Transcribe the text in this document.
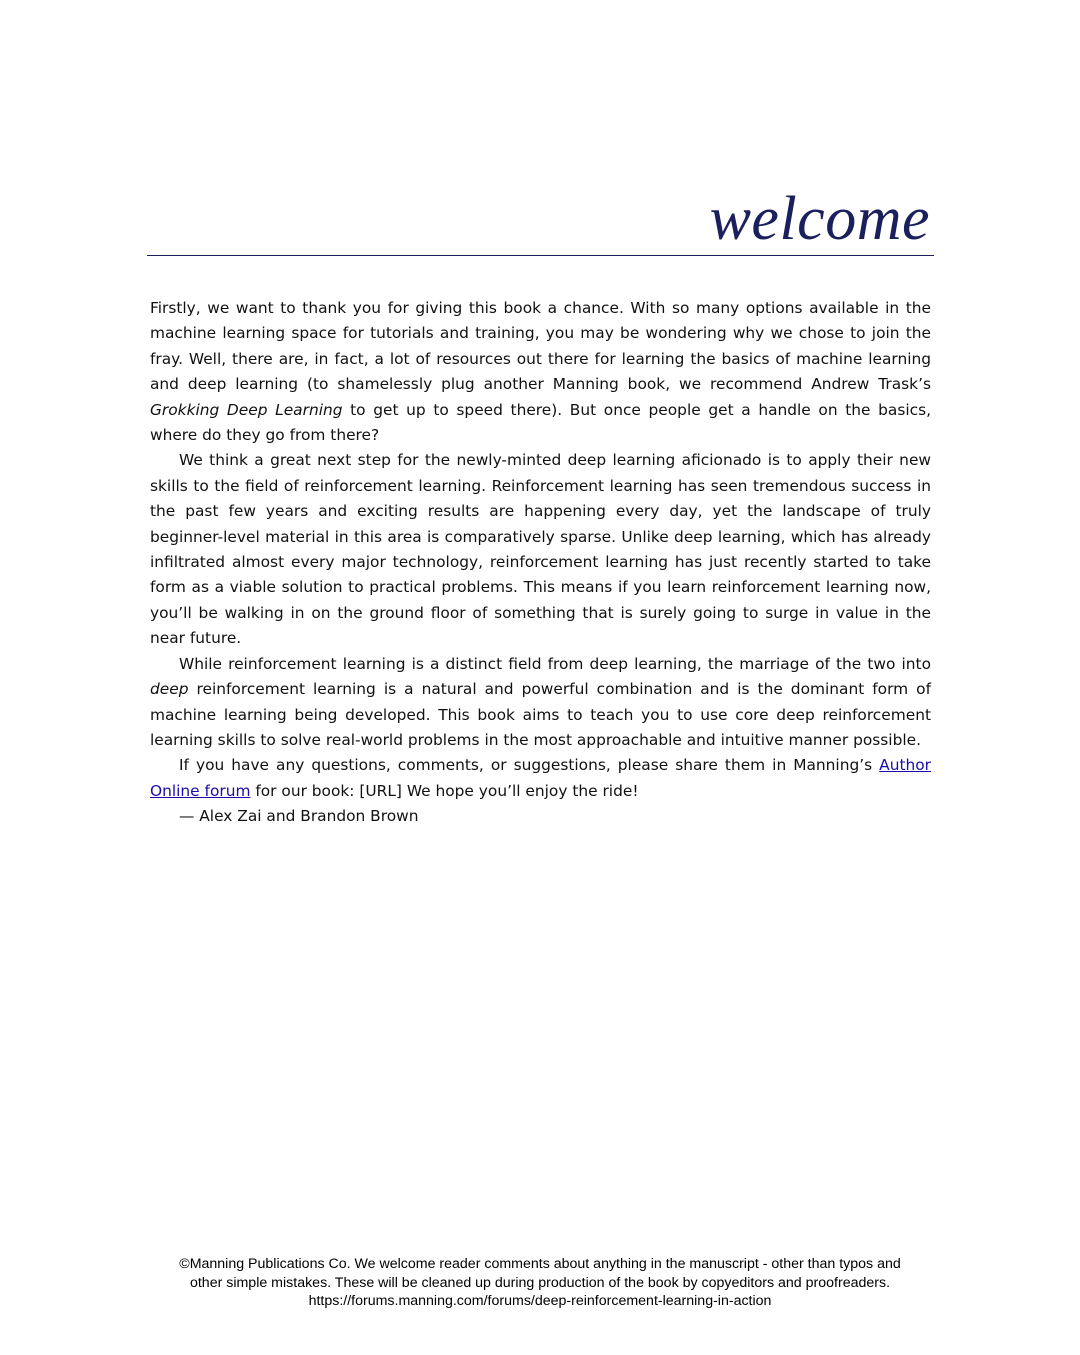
welcome

Firstly, we want to thank you for giving this book a chance. With so many options available in the machine learning space for tutorials and training, you may be wondering why we chose to join the fray. Well, there are, in fact, a lot of resources out there for learning the basics of machine learning and deep learning (to shamelessly plug another Manning book, we recommend Andrew Trask’s Grokking Deep Learning to get up to speed there). But once people get a handle on the basics, where do they go from there?

We think a great next step for the newly-minted deep learning aficionado is to apply their new skills to the field of reinforcement learning. Reinforcement learning has seen tremendous success in the past few years and exciting results are happening every day, yet the landscape of truly beginner-level material in this area is comparatively sparse. Unlike deep learning, which has already infiltrated almost every major technology, reinforcement learning has just recently started to take form as a viable solution to practical problems. This means if you learn reinforcement learning now, you’ll be walking in on the ground floor of something that is surely going to surge in value in the near future.

While reinforcement learning is a distinct field from deep learning, the marriage of the two into deep reinforcement learning is a natural and powerful combination and is the dominant form of machine learning being developed. This book aims to teach you to use core deep reinforcement learning skills to solve real-world problems in the most approachable and intuitive manner possible.

If you have any questions, comments, or suggestions, please share them in Manning’s Author Online forum for our book: [URL] We hope you’ll enjoy the ride!

— Alex Zai and Brandon Brown

©Manning Publications Co. We welcome reader comments about anything in the manuscript - other than typos and
other simple mistakes. These will be cleaned up during production of the book by copyeditors and proofreaders.
https://forums.manning.com/forums/deep-reinforcement-learning-in-action
